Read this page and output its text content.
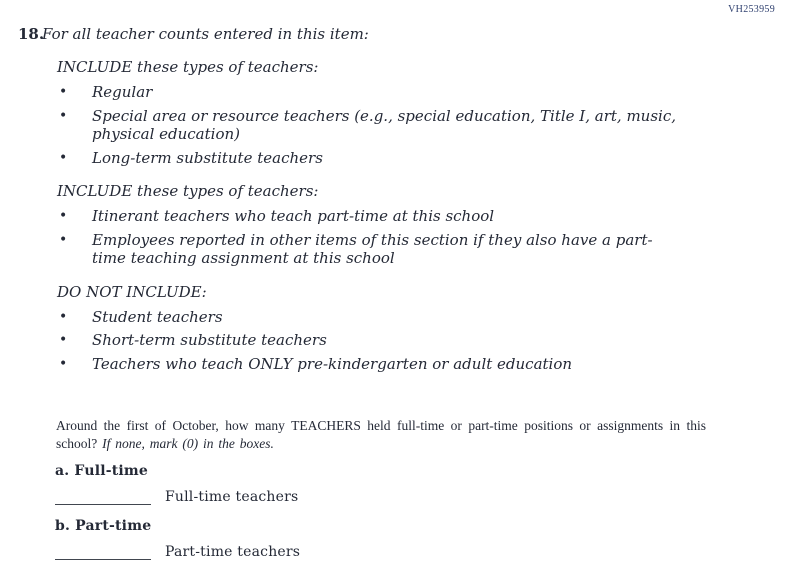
VH253959
18.
For all teacher counts entered in this item:
INCLUDE these types of teachers:
• Regular
• Special area or resource teachers (e.g., special education, Title I, art, music, physical education)
• Long-term substitute teachers
INCLUDE these types of teachers:
• Itinerant teachers who teach part-time at this school
• Employees reported in other items of this section if they also have a part-time teaching assignment at this school
DO NOT INCLUDE:
• Student teachers
• Short-term substitute teachers
• Teachers who teach ONLY pre-kindergarten or adult education
Around the first of October, how many TEACHERS held full-time or part-time positions or assignments in this school? If none, mark (0) in the boxes.
a. Full-time
Full-time teachers
b. Part-time
Part-time teachers
